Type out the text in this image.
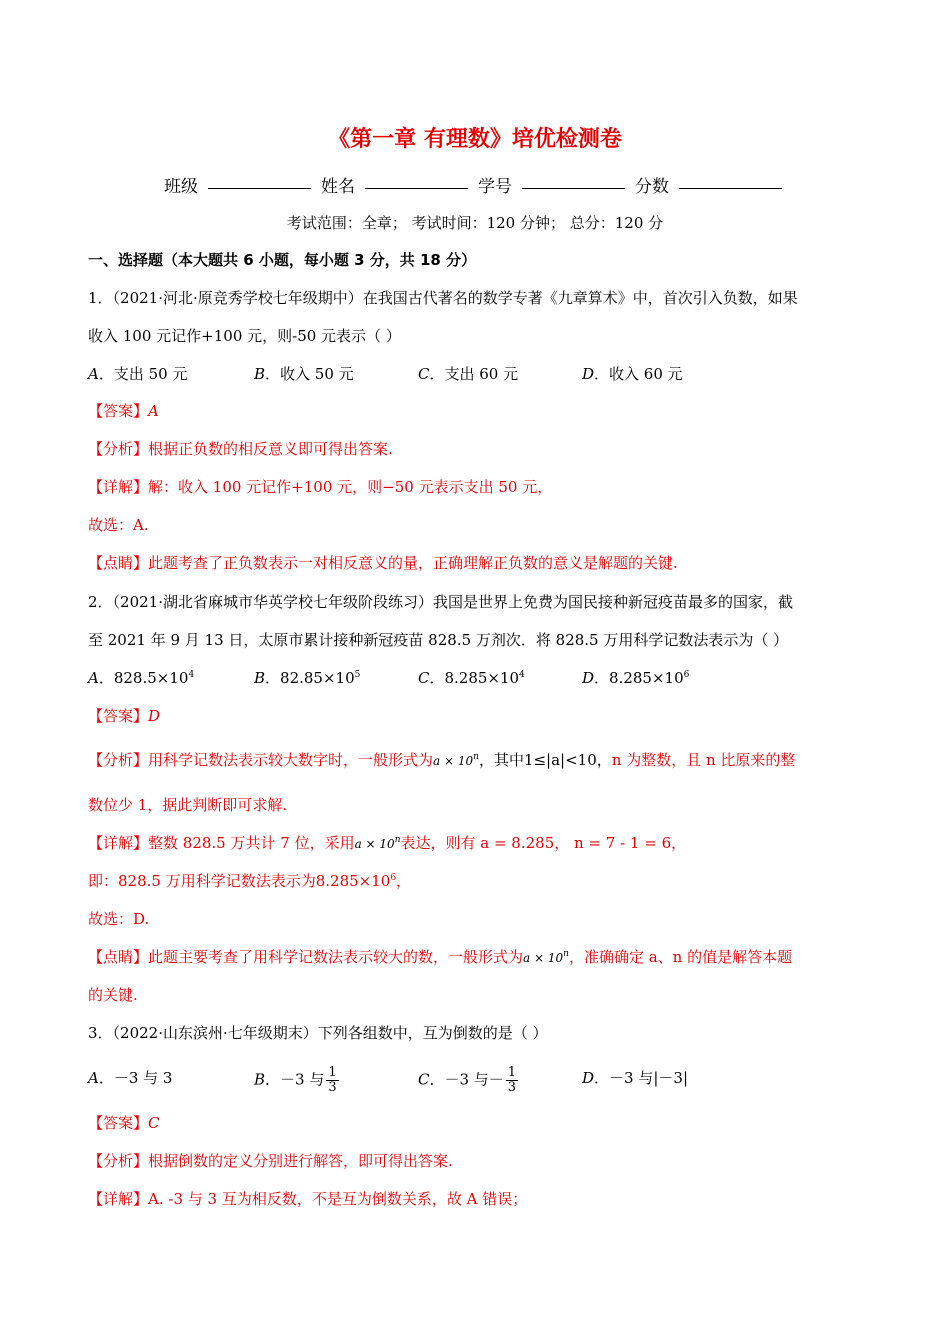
《第一章 有理数》培优检测卷
班级	姓名	学号	分数
考试范围：全章； 考试时间：120 分钟； 总分：120 分
一、选择题（本大题共 6 小题，每小题 3 分，共 18 分）
1．（2021·河北·原竞秀学校七年级期中）在我国古代著名的数学专著《九章算术》中，首次引入负数，如果
收入 100 元记作+100 元，则-50 元表示（ ）
A．支出 50 元	B．收入 50 元	C．支出 60 元	D．收入 60 元
【答案】A
【分析】根据正负数的相反意义即可得出答案.
【详解】解：收入 100 元记作+100 元，则−50 元表示支出 50 元，
故选：A.
【点睛】此题考查了正负数表示一对相反意义的量，正确理解正负数的意义是解题的关键.
2．（2021·湖北省麻城市华英学校七年级阶段练习）我国是世界上免费为国民接种新冠疫苗最多的国家，截
至 2021 年 9 月 13 日，太原市累计接种新冠疫苗 828.5 万剂次．将 828.5 万用科学记数法表示为（ ）
A．$828.5\times 10^4$	B．$82.85\times 10^5$	C．$8.285\times 10^4$	D．$8.285\times 10^6$
【答案】D
【分析】用科学记数法表示较大数字时，一般形式为$a \times 10^n$，其中1≤|a|<10，n 为整数，且 n 比原来的整
数位少 1，据此判断即可求解.
【详解】整数 828.5 万共计 7 位，采用$a \times 10^n$表达，则有 a = 8.285， n = 7 - 1 = 6，
即：828.5 万用科学记数法表示为$8.285\times 10^6$，
故选：D.
【点睛】此题主要考查了用科学记数法表示较大的数，一般形式为$a \times 10^n$，准确确定 a、n 的值是解答本题
的关键.
3．（2022·山东滨州·七年级期末）下列各组数中，互为倒数的是（ ）
A．－3 与 3	B．－3 与 $\frac{1}{3}$	C．－3 与－ $\frac{1}{3}$	D．－3 与|－3|
【答案】C
【分析】根据倒数的定义分别进行解答，即可得出答案.
【详解】A. -3 与 3 互为相反数，不是互为倒数关系，故 A 错误；
